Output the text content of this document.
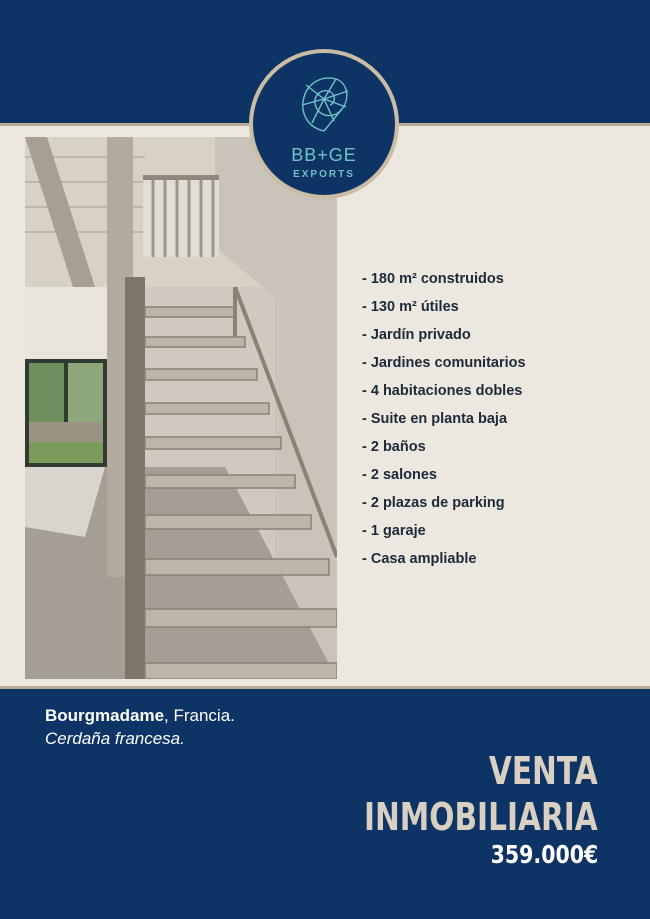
BB+GE
EXPORTS
- 180 m² construidos
- 130 m² útiles
- Jardín privado
- Jardines comunitarios
- 4 habitaciones dobles
- Suite en planta baja
- 2 baños
- 2 salones
- 2 plazas de parking
- 1 garaje
- Casa ampliable
Bourgmadame, Francia.
Cerdaña francesa.
VENTA
INMOBILIARIA
359.000€
